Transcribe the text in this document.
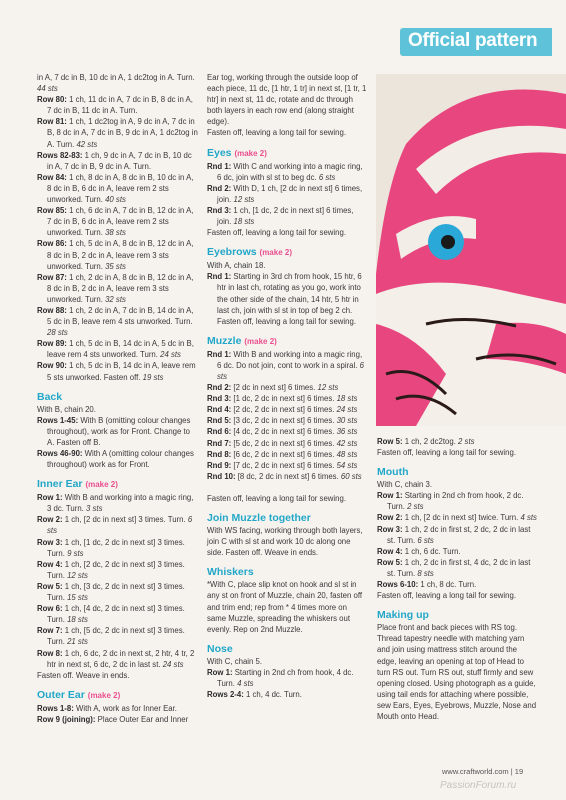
Official pattern

in A, 7 dc in B, 10 dc in A, 1 dc2tog in A. Turn. 44 sts

Row 80: 1 ch, 11 dc in A, 7 dc in B, 8 dc in A, 7 dc in B, 11 dc in A. Turn.

Row 81: 1 ch, 1 dc2tog in A, 9 dc in A, 7 dc in B, 8 dc in A, 7 dc in B, 9 dc in A, 1 dc2tog in A. Turn. 42 sts

Rows 82-83: 1 ch, 9 dc in A, 7 dc in B, 10 dc in A, 7 dc in B, 9 dc in A. Turn.

Row 84: 1 ch, 8 dc in A, 8 dc in B, 10 dc in A, 8 dc in B, 6 dc in A, leave rem 2 sts unworked. Turn. 40 sts

Row 85: 1 ch, 6 dc in A, 7 dc in B, 12 dc in A, 7 dc in B, 6 dc in A, leave rem 2 sts unworked. Turn. 38 sts

Row 86: 1 ch, 5 dc in A, 8 dc in B, 12 dc in A, 8 dc in B, 2 dc in A, leave rem 3 sts unworked. Turn. 35 sts

Row 87: 1 ch, 2 dc in A, 8 dc in B, 12 dc in A, 8 dc in B, 2 dc in A, leave rem 3 sts unworked. Turn. 32 sts

Row 88: 1 ch, 2 dc in A, 7 dc in B, 14 dc in A, 5 dc in B, leave rem 4 sts unworked. Turn. 28 sts

Row 89: 1 ch, 5 dc in B, 14 dc in A, 5 dc in B, leave rem 4 sts unworked. Turn. 24 sts

Row 90: 1 ch, 5 dc in B, 14 dc in A, leave rem 5 sts unworked. Fasten off. 19 sts

Back

With B, chain 20.

Rows 1-45: With B (omitting colour changes throughout), work as for Front. Change to A. Fasten off B.

Rows 46-90: With A (omitting colour changes throughout) work as for Front.

Inner Ear (make 2)

Row 1: With B and working into a magic ring, 3 dc. Turn. 3 sts

Row 2: 1 ch, [2 dc in next st] 3 times. Turn. 6 sts

Row 3: 1 ch, [1 dc, 2 dc in next st] 3 times. Turn. 9 sts

Row 4: 1 ch, [2 dc, 2 dc in next st] 3 times. Turn. 12 sts

Row 5: 1 ch, [3 dc, 2 dc in next st] 3 times. Turn. 15 sts

Row 6: 1 ch, [4 dc, 2 dc in next st] 3 times. Turn. 18 sts

Row 7: 1 ch, [5 dc, 2 dc in next st] 3 times. Turn. 21 sts

Row 8: 1 ch, 6 dc, 2 dc in next st, 2 htr, 4 tr, 2 htr in next st, 6 dc, 2 dc in last st. 24 sts

Fasten off. Weave in ends.

Outer Ear (make 2)

Rows 1-8: With A, work as for Inner Ear.

Row 9 (joining): Place Outer Ear and Inner

Ear tog, working through the outside loop of each piece, 11 dc, [1 htr, 1 tr] in next st, [1 tr, 1 htr] in next st, 11 dc, rotate and dc through both layers in each row end (along straight edge).

Fasten off, leaving a long tail for sewing.

Eyes (make 2)

Rnd 1: With C and working into a magic ring, 6 dc, join with sl st to beg dc. 6 sts

Rnd 2: With D, 1 ch, [2 dc in next st] 6 times, join. 12 sts

Rnd 3: 1 ch, [1 dc, 2 dc in next st] 6 times, join. 18 sts

Fasten off, leaving a long tail for sewing.

Eyebrows (make 2)

With A, chain 18.

Rnd 1: Starting in 3rd ch from hook, 15 htr, 6 htr in last ch, rotating as you go, work into the other side of the chain, 14 htr, 5 htr in last ch, join with sl st in top of beg 2 ch. Fasten off, leaving a long tail for sewing.

Muzzle (make 2)

Rnd 1: With B and working into a magic ring, 6 dc. Do not join, cont to work in a spiral. 6 sts

Rnd 2: [2 dc in next st] 6 times. 12 sts

Rnd 3: [1 dc, 2 dc in next st] 6 times. 18 sts

Rnd 4: [2 dc, 2 dc in next st] 6 times. 24 sts

Rnd 5: [3 dc, 2 dc in next st] 6 times. 30 sts

Rnd 6: [4 dc, 2 dc in next st] 6 times. 36 sts

Rnd 7: [5 dc, 2 dc in next st] 6 times. 42 sts

Rnd 8: [6 dc, 2 dc in next st] 6 times. 48 sts

Rnd 9: [7 dc, 2 dc in next st] 6 times. 54 sts

Rnd 10: [8 dc, 2 dc in next st] 6 times. 60 sts

Fasten off, leaving a long tail for sewing.

Join Muzzle together

With WS facing, working through both layers, join C with sl st and work 10 dc along one side. Fasten off. Weave in ends.

Whiskers

*With C, place slip knot on hook and sl st in any st on front of Muzzle, chain 20, fasten off and trim end; rep from * 4 times more on same Muzzle, spreading the whiskers out evenly. Rep on 2nd Muzzle.

Nose

With C, chain 5.

Row 1: Starting in 2nd ch from hook, 4 dc. Turn. 4 sts

Rows 2-4: 1 ch, 4 dc. Turn.

Row 5: 1 ch, 2 dc2tog. 2 sts

Fasten off, leaving a long tail for sewing.

Mouth

With C, chain 3.

Row 1: Starting in 2nd ch from hook, 2 dc. Turn. 2 sts

Row 2: 1 ch, [2 dc in next st] twice. Turn. 4 sts

Row 3: 1 ch, 2 dc in first st, 2 dc, 2 dc in last st. Turn. 6 sts

Row 4: 1 ch, 6 dc. Turn.

Row 5: 1 ch, 2 dc in first st, 4 dc, 2 dc in last st. Turn. 8 sts

Rows 6-10: 1 ch, 8 dc. Turn.

Fasten off, leaving a long tail for sewing.

Making up

Place front and back pieces with RS tog. Thread tapestry needle with matching yarn and join using mattress stitch around the edge, leaving an opening at top of Head to turn RS out. Turn RS out, stuff firmly and sew opening closed. Using photograph as a guide, using tail ends for attaching where possible, sew Ears, Eyes, Eyebrows, Muzzle, Nose and Mouth onto Head.

www.craftworld.com | 19
PassionForum.ru
